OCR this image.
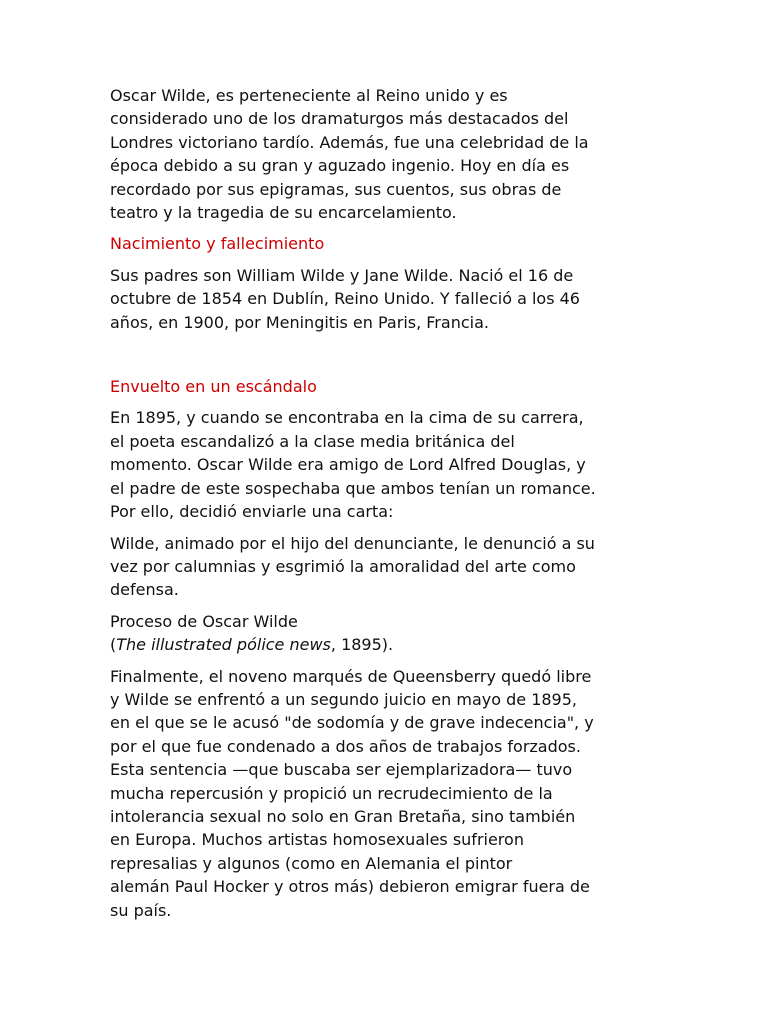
Oscar Wilde, es perteneciente al Reino unido y es
considerado uno de los dramaturgos más destacados del
Londres victoriano tardío. Además, fue una celebridad de la
época debido a su gran y aguzado ingenio. Hoy en día es
recordado por sus epigramas, sus cuentos, sus obras de
teatro y la tragedia de su encarcelamiento.

Nacimiento y fallecimiento

Sus padres son William Wilde y Jane Wilde. Nació el 16 de
octubre de 1854 en Dublín, Reino Unido. Y falleció a los 46
años, en 1900, por Meningitis en Paris, Francia.

Envuelto en un escándalo

En 1895, y cuando se encontraba en la cima de su carrera,
el poeta escandalizó a la clase media británica del
momento. Oscar Wilde era amigo de Lord Alfred Douglas, y
el padre de este sospechaba que ambos tenían un romance.
Por ello, decidió enviarle una carta:

Wilde, animado por el hijo del denunciante, le denunció a su
vez por calumnias y esgrimió la amoralidad del arte como
defensa.

Proceso de Oscar Wilde
(The illustrated pólice news, 1895).

Finalmente, el noveno marqués de Queensberry quedó libre
y Wilde se enfrentó a un segundo juicio en mayo de 1895,
en el que se le acusó "de sodomía y de grave indecencia", y
por el que fue condenado a dos años de trabajos forzados.
Esta sentencia —que buscaba ser ejemplarizadora— tuvo
mucha repercusión y propició un recrudecimiento de la
intolerancia sexual no solo en Gran Bretaña, sino también
en Europa. Muchos artistas homosexuales sufrieron
represalias y algunos (como en Alemania el pintor
alemán Paul Hocker y otros más) debieron emigrar fuera de
su país.
